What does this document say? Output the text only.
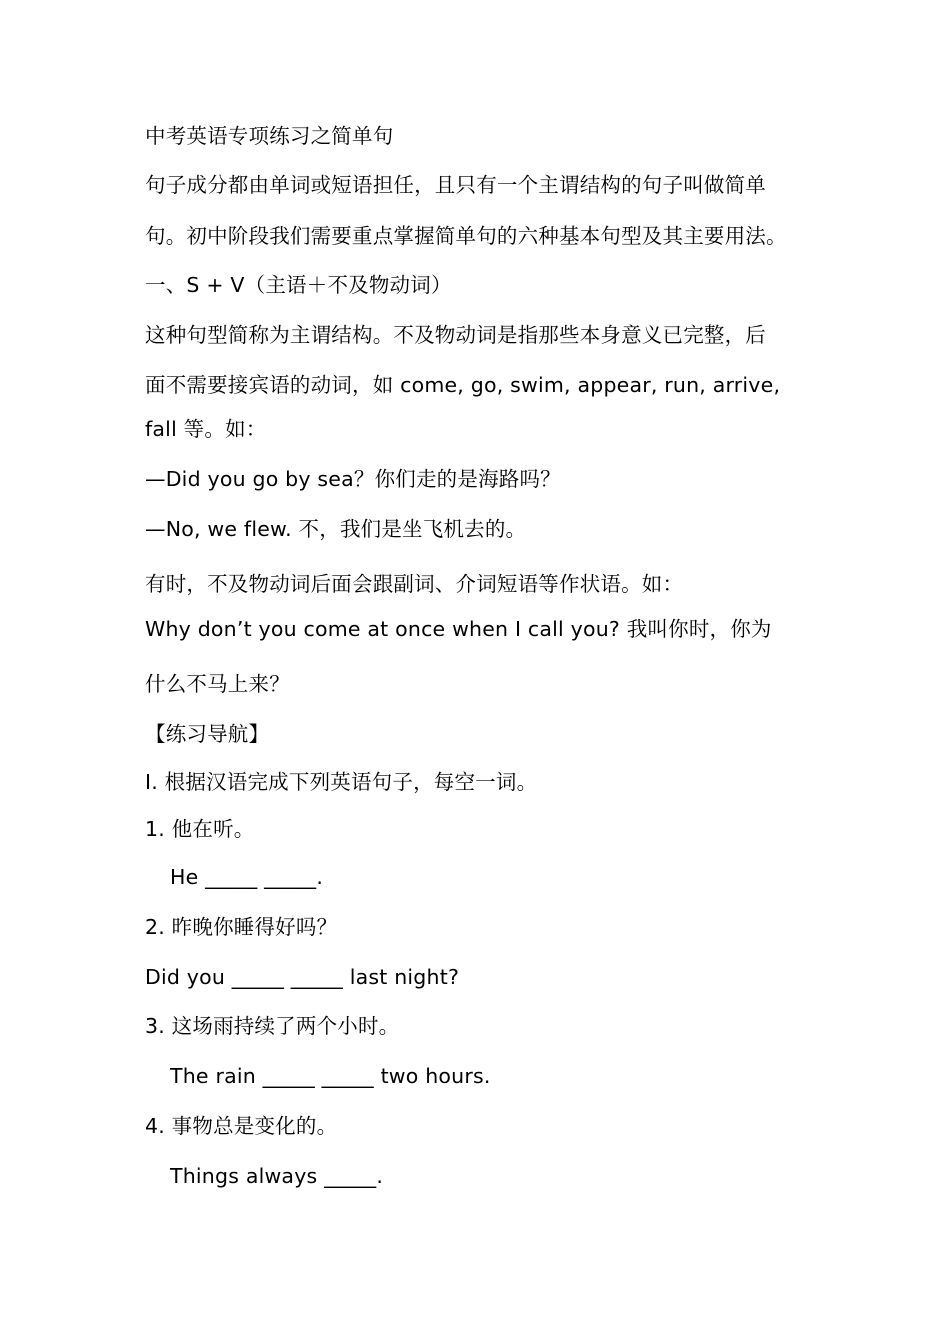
中考英语专项练习之简单句
句子成分都由单词或短语担任，且只有一个主谓结构的句子叫做简单
句。初中阶段我们需要重点掌握简单句的六种基本句型及其主要用法。
一、S + V（主语＋不及物动词）
这种句型简称为主谓结构。不及物动词是指那些本身意义已完整，后
面不需要接宾语的动词，如 come, go, swim, appear, run, arrive,
fall 等。如：
—Did you go by sea？你们走的是海路吗？
—No, we flew. 不，我们是坐飞机去的。
有时，不及物动词后面会跟副词、介词短语等作状语。如：
Why don’t you come at once when I call you? 我叫你时，你为
什么不马上来？
【练习导航】
Ⅰ. 根据汉语完成下列英语句子，每空一词。
1. 他在听。
He _____ _____.
2. 昨晚你睡得好吗？
Did you _____ _____ last night?
3. 这场雨持续了两个小时。
The rain _____ _____ two hours.
4. 事物总是变化的。
Things always _____.
